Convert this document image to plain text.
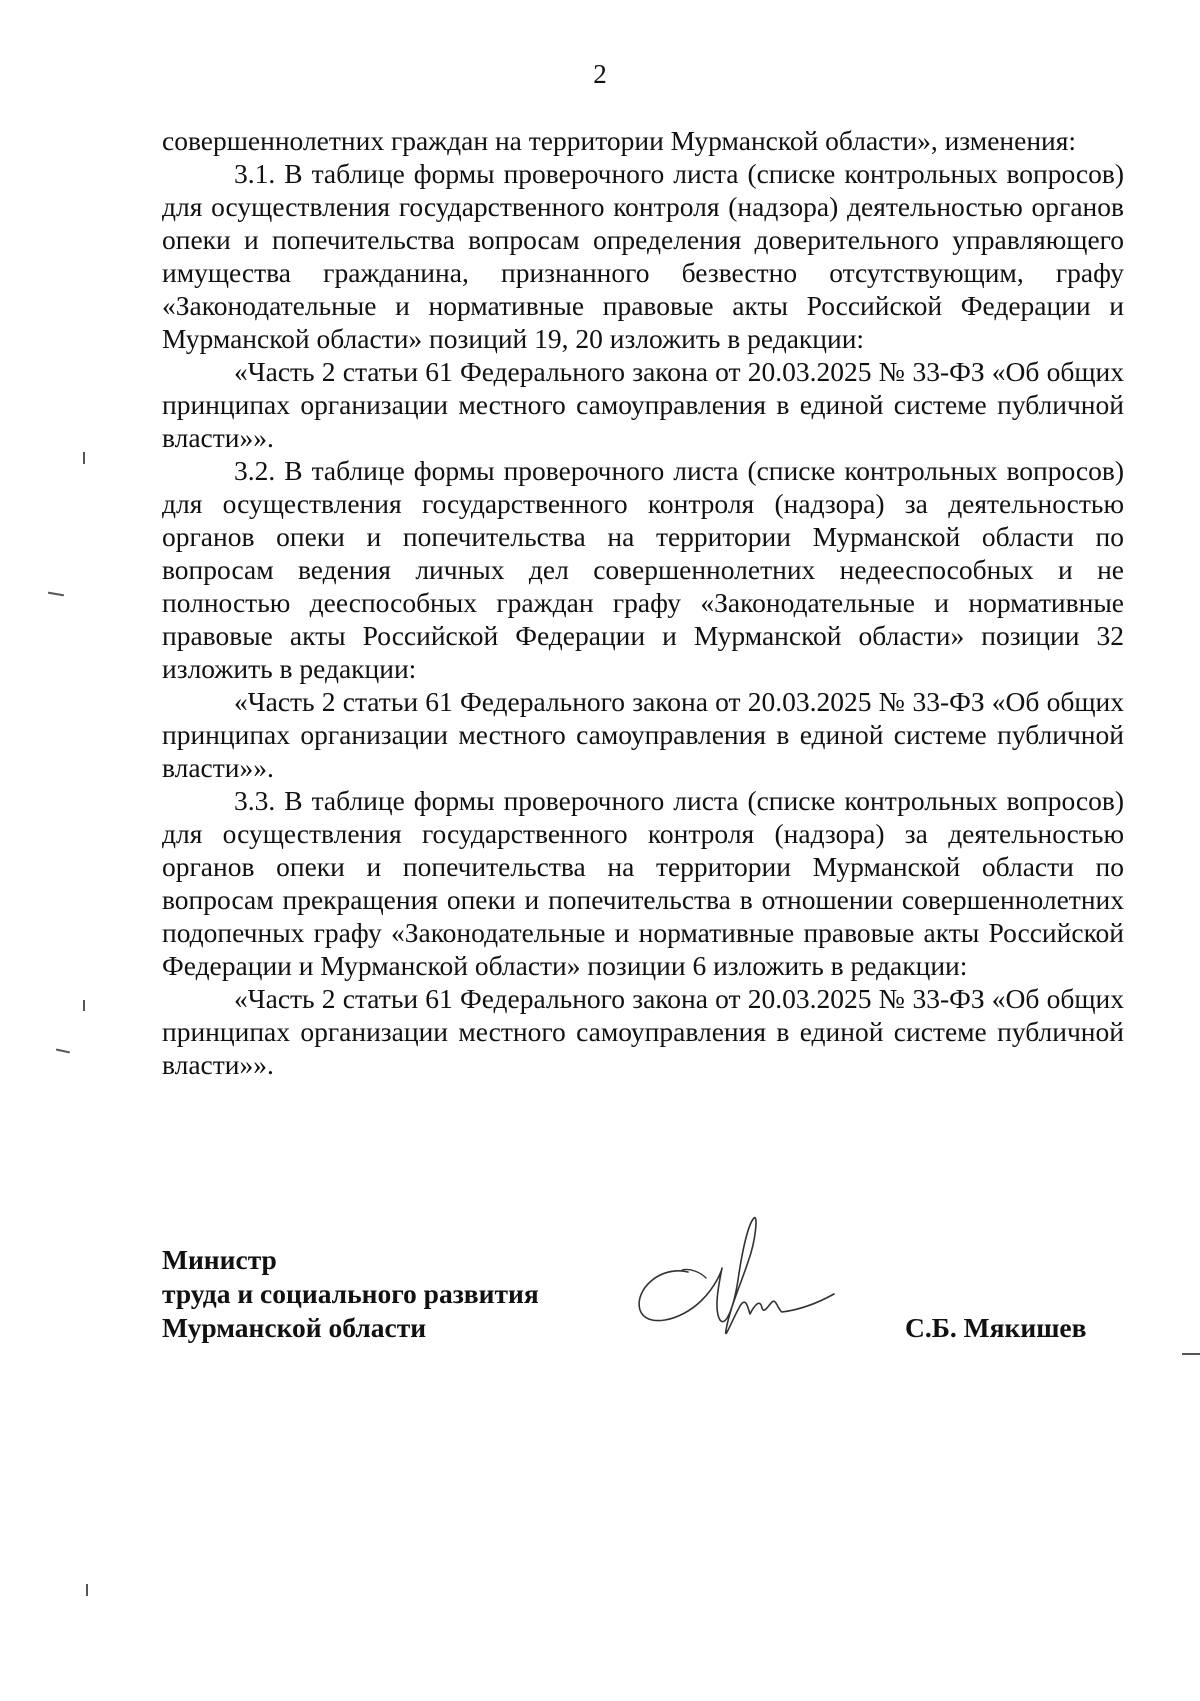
2

совершеннолетних граждан на территории Мурманской области», изменения:

3.1. В таблице формы проверочного листа (списке контрольных вопросов) для осуществления государственного контроля (надзора) деятельностью органов опеки и попечительства вопросам определения доверительного управляющего имущества гражданина, признанного безвестно отсутствующим, графу «Законодательные и нормативные правовые акты Российской Федерации и Мурманской области» позиций 19, 20 изложить в редакции:

«Часть 2 статьи 61 Федерального закона от 20.03.2025 № 33-ФЗ «Об общих принципах организации местного самоуправления в единой системе публичной власти»».

3.2. В таблице формы проверочного листа (списке контрольных вопросов) для осуществления государственного контроля (надзора) за деятельностью органов опеки и попечительства на территории Мурманской области по вопросам ведения личных дел совершеннолетних недееспособных и не полностью дееспособных граждан графу «Законодательные и нормативные правовые акты Российской Федерации и Мурманской области» позиции 32 изложить в редакции:

«Часть 2 статьи 61 Федерального закона от 20.03.2025 № 33-ФЗ «Об общих принципах организации местного самоуправления в единой системе публичной власти»».

3.3. В таблице формы проверочного листа (списке контрольных вопросов) для осуществления государственного контроля (надзора) за деятельностью органов опеки и попечительства на территории Мурманской области по вопросам прекращения опеки и попечительства в отношении совершеннолетних подопечных графу «Законодательные и нормативные правовые акты Российской Федерации и Мурманской области» позиции 6 изложить в редакции:

«Часть 2 статьи 61 Федерального закона от 20.03.2025 № 33-ФЗ «Об общих принципах организации местного самоуправления в единой системе публичной власти»».

Министр
труда и социального развития
Мурманской области	С.Б. Мякишев
